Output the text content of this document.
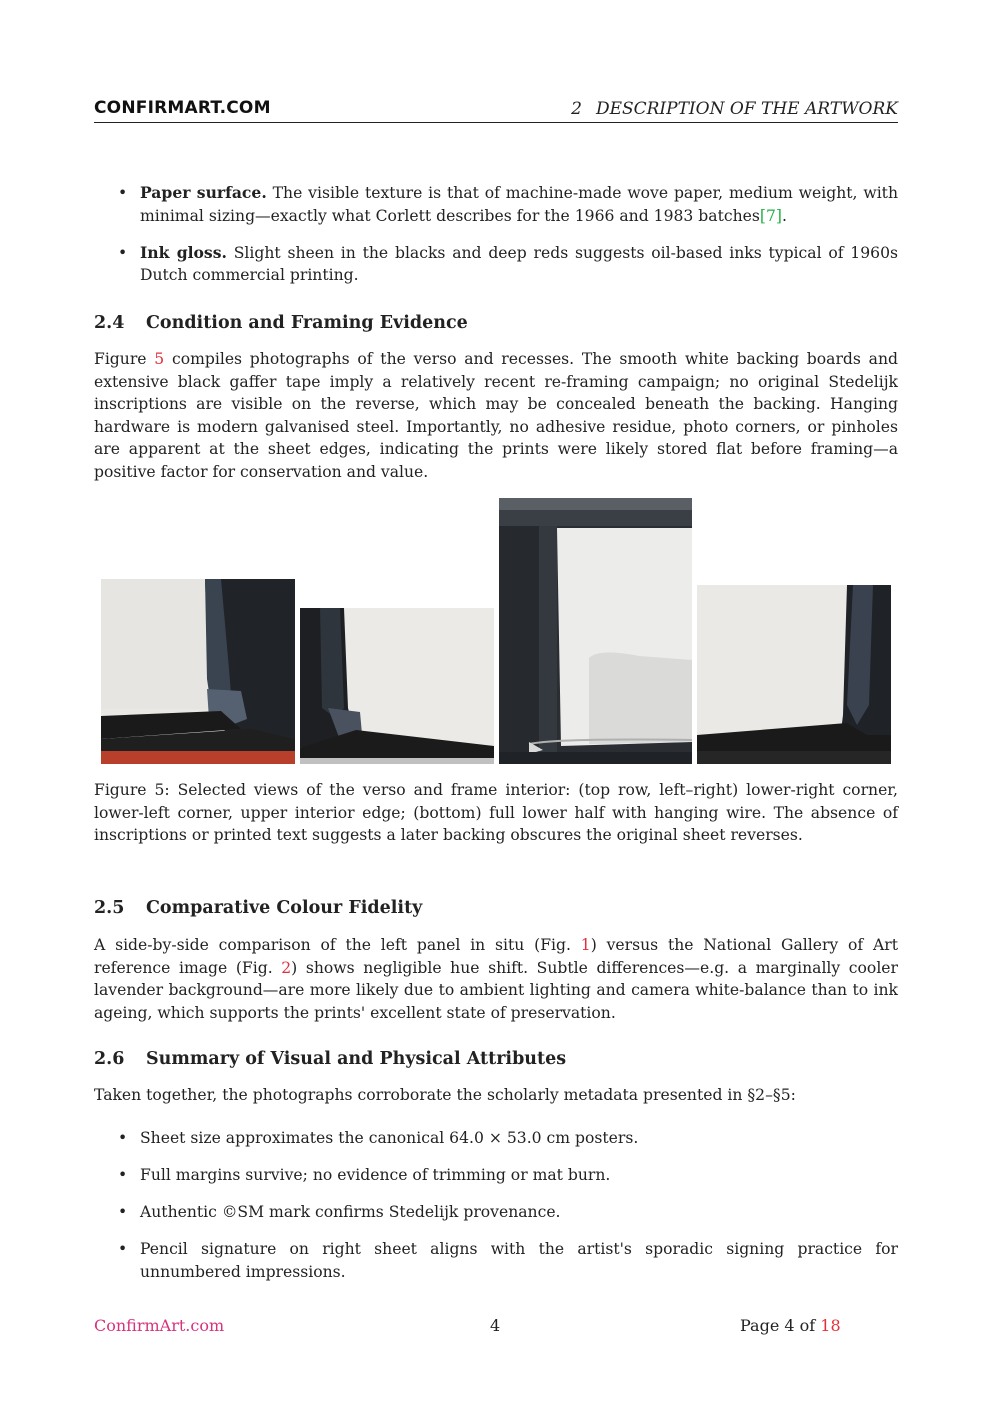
CONFIRMART.COM	2 DESCRIPTION OF THE ARTWORK
• Paper surface. The visible texture is that of machine-made wove paper, medium weight, with minimal sizing—exactly what Corlett describes for the 1966 and 1983 batches[7].
• Ink gloss. Slight sheen in the blacks and deep reds suggests oil-based inks typical of 1960s Dutch commercial printing.
2.4 Condition and Framing Evidence

Figure 5 compiles photographs of the verso and recesses. The smooth white backing boards and extensive black gaffer tape imply a relatively recent re-framing campaign; no original Stedelijk inscriptions are visible on the reverse, which may be concealed beneath the backing. Hanging hardware is modern galvanised steel. Importantly, no adhesive residue, photo corners, or pinholes are apparent at the sheet edges, indicating the prints were likely stored flat before framing—a positive factor for conservation and value.

Figure 5: Selected views of the verso and frame interior: (top row, left–right) lower-right corner, lower-left corner, upper interior edge; (bottom) full lower half with hanging wire. The absence of inscriptions or printed text suggests a later backing obscures the original sheet reverses.

2.5 Comparative Colour Fidelity

A side-by-side comparison of the left panel in situ (Fig. 1) versus the National Gallery of Art reference image (Fig. 2) shows negligible hue shift. Subtle differences—e.g. a marginally cooler lavender background—are more likely due to ambient lighting and camera white-balance than to ink ageing, which supports the prints' excellent state of preservation.

2.6 Summary of Visual and Physical Attributes

Taken together, the photographs corroborate the scholarly metadata presented in §2–§5:

• Sheet size approximates the canonical 64.0 × 53.0 cm posters.
• Full margins survive; no evidence of trimming or mat burn.
• Authentic ©SM mark confirms Stedelijk provenance.
• Pencil signature on right sheet aligns with the artist's sporadic signing practice for unnumbered impressions.
ConfirmArt.com	4	Page 4 of 18
